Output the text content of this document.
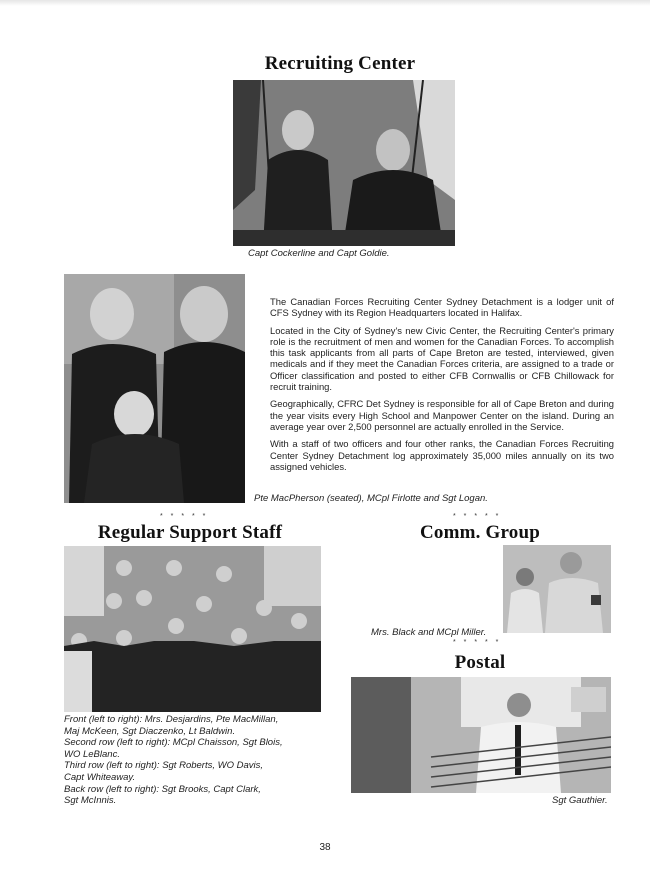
Recruiting Center
Capt Cockerline and Capt Goldie.

The Canadian Forces Recruiting Center Sydney Detachment is a lodger unit of CFS Sydney with its Region Headquarters located in Halifax.

Located in the City of Sydney's new Civic Center, the Recruiting Center's primary role is the recruitment of men and women for the Canadian Forces. To accomplish this task applicants from all parts of Cape Breton are tested, interviewed, given medicals and if they meet the Canadian Forces criteria, are assigned to a trade or Officer classification and posted to either CFB Cornwallis or CFB Chillowack for recruit training.

Geographically, CFRC Det Sydney is responsible for all of Cape Breton and during the year visits every High School and Manpower Center on the island. During an average year over 2,500 personnel are actually enrolled in the Service.

With a staff of two officers and four other ranks, the Canadian Forces Recruiting Center Sydney Detachment log approximately 35,000 miles annually on its two assigned vehicles.

Pte MacPherson (seated), MCpl Firlotte and Sgt Logan.
* * * * *	* * * * *
Regular Support Staff
Front (left to right): Mrs. Desjardins, Pte MacMillan,
Maj McKeen, Sgt Diaczenko, Lt Baldwin.
Second row (left to right): MCpl Chaisson, Sgt Blois,
WO LeBlanc.
Third row (left to right): Sgt Roberts, WO Davis,
Capt Whiteaway.
Back row (left to right): Sgt Brooks, Capt Clark,
Sgt McInnis.
Comm. Group
Mrs. Black and MCpl Miller.
* * * * *
Postal
Sgt Gauthier.
38
